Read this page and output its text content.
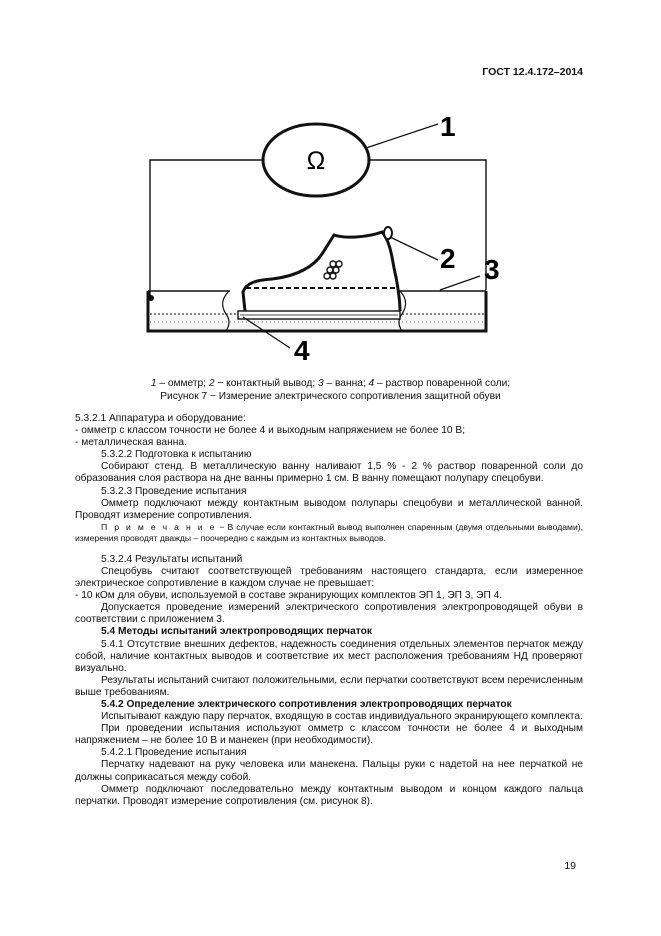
ГОСТ 12.4.172–2014
Ω
1
2 3
4
1 – омметр; 2 − контактный вывод; 3 – ванна; 4 – раствор поваренной соли;
Рисунок 7 − Измерение электрического сопротивления защитной обуви

5.3.2.1 Аппаратура и оборудование:

- омметр с классом точности не более 4 и выходным напряжением не более 10 В;

- металлическая ванна.

5.3.2.2 Подготовка к испытанию

Собирают стенд. В металлическую ванну наливают 1,5 % - 2 % раствор поваренной соли до образования слоя раствора на дне ванны примерно 1 см. В ванну помещают полупару спецобуви.

5.3.2.3 Проведение испытания

Омметр подключают между контактным выводом полупары спецобуви и металлической ванной. Проводят измерение сопротивления.

П р и м е ч а н и е − В случае если контактный вывод выполнен спаренным (двумя отдельными выводами), измерения проводят дважды – поочередно с каждым из контактных выводов.

5.3.2.4 Результаты испытаний

Спецобувь считают соответствующей требованиям настоящего стандарта, если измеренное электрическое сопротивление в каждом случае не превышает:

- 10 кОм для обуви, используемой в составе экранирующих комплектов ЭП 1, ЭП 3, ЭП 4.

Допускается проведение измерений электрического сопротивления электропроводящей обуви в соответствии с приложением 3.

5.4 Методы испытаний электропроводящих перчаток

5.4.1 Отсутствие внешних дефектов, надежность соединения отдельных элементов перчаток между собой, наличие контактных выводов и соответствие их мест расположения требованиям НД проверяют визуально.

Результаты испытаний считают положительными, если перчатки соответствуют всем перечисленным выше требованиям.

5.4.2 Определение электрического сопротивления электропроводящих перчаток

Испытывают каждую пару перчаток, входящую в состав индивидуального экранирующего комплекта.

При проведении испытания используют омметр с классом точности не более 4 и выходным напряжением – не более 10 В и манекен (при необходимости).

5.4.2.1 Проведение испытания

Перчатку надевают на руку человека или манекена. Пальцы руки с надетой на нее перчаткой не должны соприкасаться между собой.

Омметр подключают последовательно между контактным выводом и концом каждого пальца перчатки. Проводят измерение сопротивления (см. рисунок 8).

19
